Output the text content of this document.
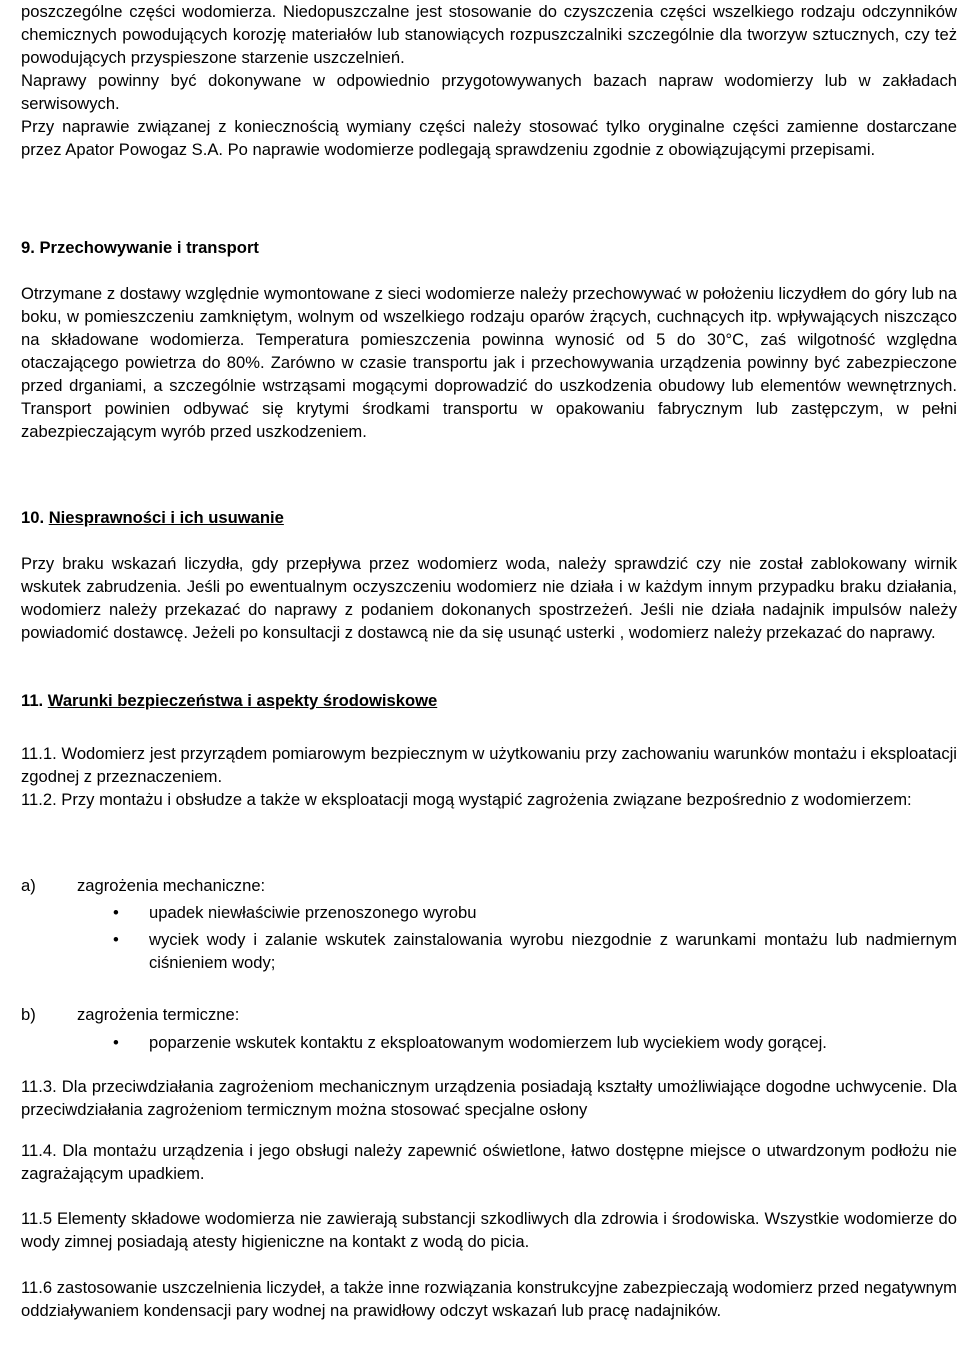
poszczególne części wodomierza. Niedopuszczalne jest stosowanie do czyszczenia części wszelkiego rodzaju odczynników chemicznych powodujących korozję materiałów lub stanowiących rozpuszczalniki szczególnie dla tworzyw sztucznych, czy też powodujących przyspieszone starzenie uszczelnień.

Naprawy powinny być dokonywane w odpowiednio przygotowywanych bazach napraw wodomierzy lub w zakładach serwisowych.

Przy naprawie związanej z koniecznością wymiany części należy stosować tylko oryginalne części zamienne dostarczane przez Apator Powogaz S.A. Po naprawie wodomierze podlegają sprawdzeniu zgodnie z obowiązującymi przepisami.

9. Przechowywanie i transport

Otrzymane z dostawy względnie wymontowane z sieci wodomierze należy przechowywać w położeniu liczydłem do góry lub na boku, w pomieszczeniu zamkniętym, wolnym od wszelkiego rodzaju oparów żrących, cuchnących itp. wpływających niszcząco na składowane wodomierza. Temperatura pomieszczenia powinna wynosić od 5 do 30°C, zaś wilgotność względna otaczającego powietrza do 80%. Zarówno w czasie transportu jak i przechowywania urządzenia powinny być zabezpieczone przed drganiami, a szczególnie wstrząsami mogącymi doprowadzić do uszkodzenia obudowy lub elementów wewnętrznych. Transport powinien odbywać się krytymi środkami transportu w opakowaniu fabrycznym lub zastępczym, w pełni zabezpieczającym wyrób przed uszkodzeniem.

10. Niesprawności i ich usuwanie

Przy braku wskazań liczydła, gdy przepływa przez wodomierz woda, należy sprawdzić czy nie został zablokowany wirnik wskutek zabrudzenia. Jeśli po ewentualnym oczyszczeniu wodomierz nie działa i w każdym innym przypadku braku działania, wodomierz należy przekazać do naprawy z podaniem dokonanych spostrzeżeń. Jeśli nie działa nadajnik impulsów należy powiadomić dostawcę. Jeżeli po konsultacji z dostawcą nie da się usunąć usterki , wodomierz należy przekazać do naprawy.

11. Warunki bezpieczeństwa i aspekty środowiskowe

11.1. Wodomierz jest przyrządem pomiarowym bezpiecznym w użytkowaniu przy zachowaniu warunków montażu i eksploatacji zgodnej z przeznaczeniem.

11.2. Przy montażu i obsłudze a także w eksploatacji mogą wystąpić zagrożenia związane bezpośrednio z wodomierzem:

a)	zagrożenia mechaniczne:
• upadek niewłaściwie przenoszonego wyrobu
• wyciek wody i zalanie wskutek zainstalowania wyrobu niezgodnie z warunkami montażu lub nadmiernym ciśnieniem wody;
b)	zagrożenia termiczne:
• poparzenie wskutek kontaktu z eksploatowanym wodomierzem lub wyciekiem wody gorącej.

11.3. Dla przeciwdziałania zagrożeniom mechanicznym urządzenia posiadają kształty umożliwiające dogodne uchwycenie. Dla przeciwdziałania zagrożeniom termicznym można stosować specjalne osłony

11.4. Dla montażu urządzenia i jego obsługi należy zapewnić oświetlone, łatwo dostępne miejsce o utwardzonym podłożu nie zagrażającym upadkiem.

11.5 Elementy składowe wodomierza nie zawierają substancji szkodliwych dla zdrowia i środowiska. Wszystkie wodomierze do wody zimnej posiadają atesty higieniczne na kontakt z wodą do picia.

11.6 zastosowanie uszczelnienia liczydeł, a także inne rozwiązania konstrukcyjne zabezpieczają wodomierz przed negatywnym oddziaływaniem kondensacji pary wodnej na prawidłowy odczyt wskazań lub pracę nadajników.
